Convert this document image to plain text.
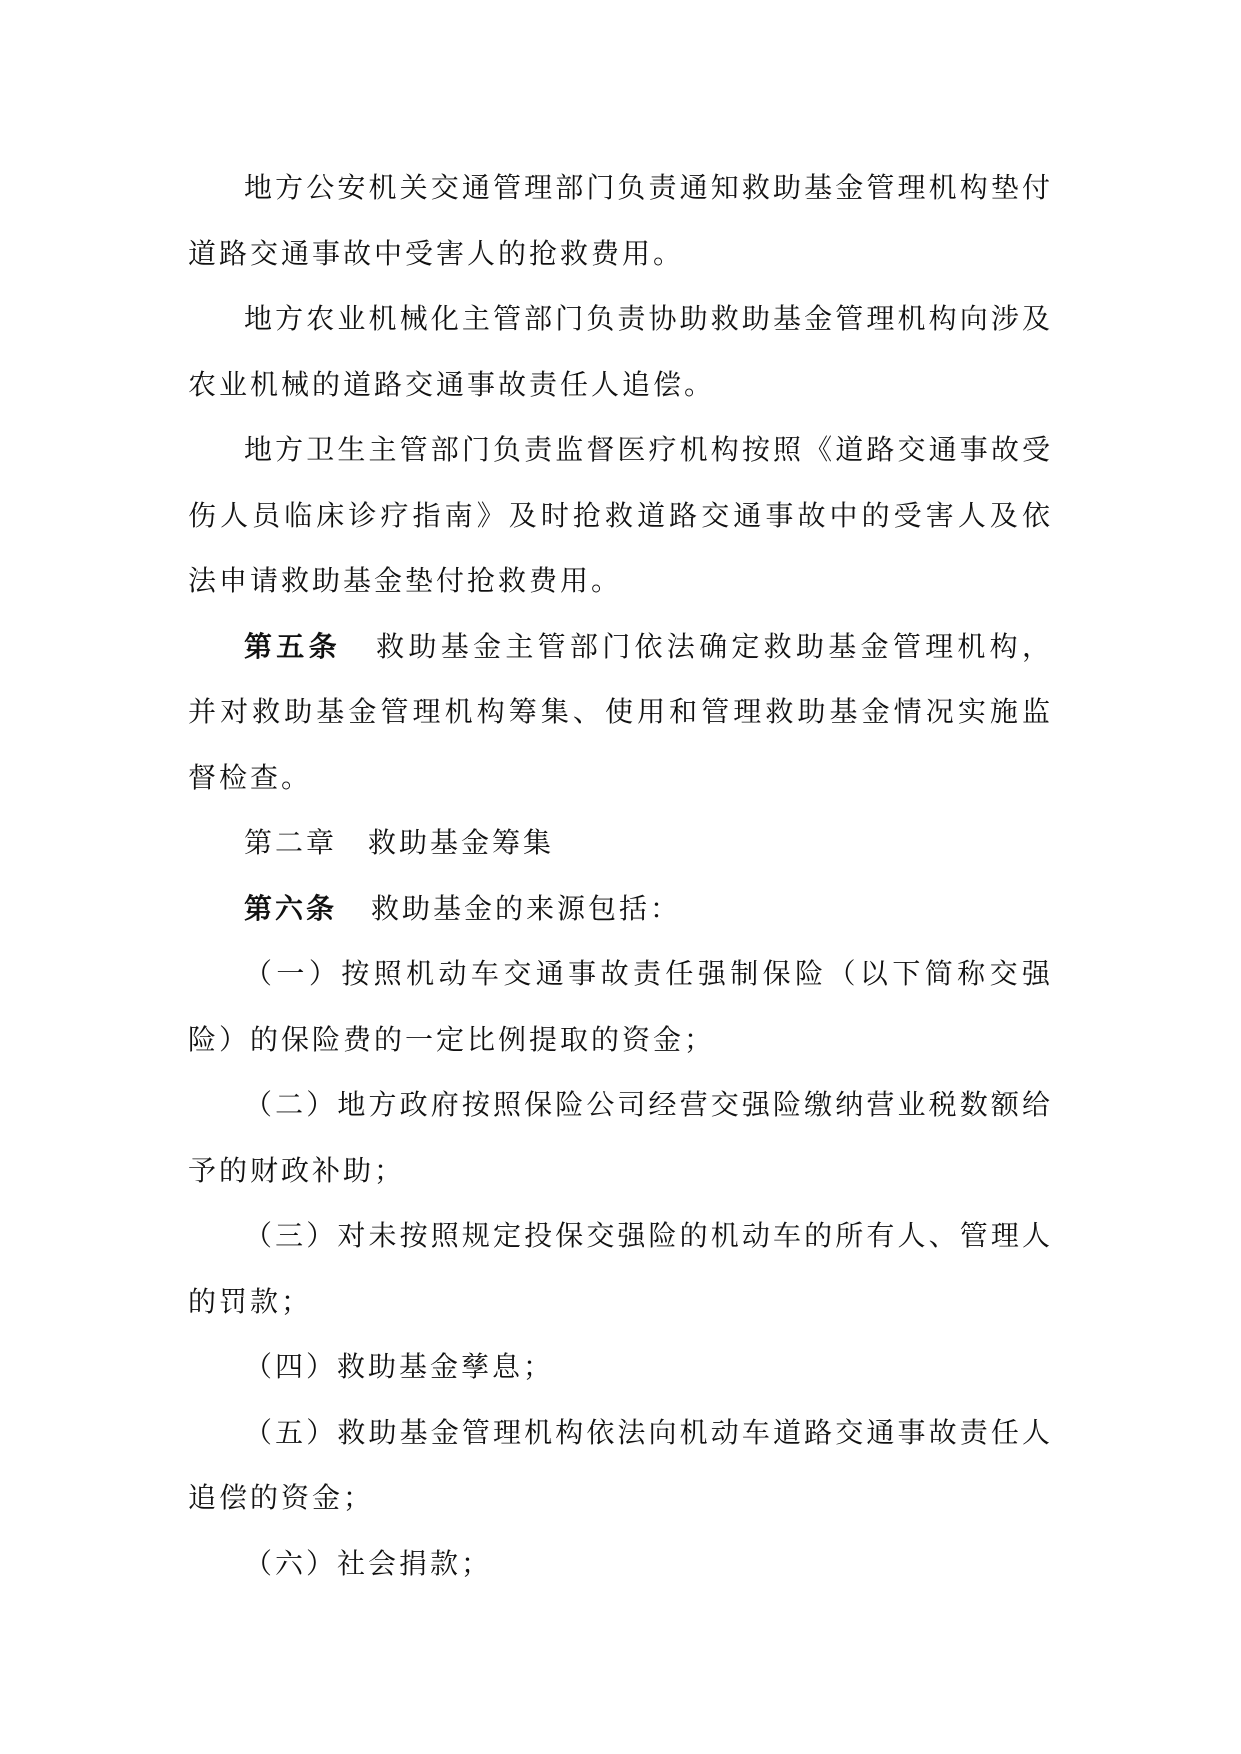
地方公安机关交通管理部门负责通知救助基金管理机构垫付道路交通事故中受害人的抢救费用。

地方农业机械化主管部门负责协助救助基金管理机构向涉及农业机械的道路交通事故责任人追偿。

地方卫生主管部门负责监督医疗机构按照《道路交通事故受伤人员临床诊疗指南》及时抢救道路交通事故中的受害人及依法申请救助基金垫付抢救费用。

第五条 救助基金主管部门依法确定救助基金管理机构，并对救助基金管理机构筹集、使用和管理救助基金情况实施监督检查。

第二章　救助基金筹集

第六条 救助基金的来源包括：

（一）按照机动车交通事故责任强制保险（以下简称交强险）的保险费的一定比例提取的资金；

（二）地方政府按照保险公司经营交强险缴纳营业税数额给予的财政补助；

（三）对未按照规定投保交强险的机动车的所有人、管理人的罚款；

（四）救助基金孳息；

（五）救助基金管理机构依法向机动车道路交通事故责任人追偿的资金；

（六）社会捐款；
